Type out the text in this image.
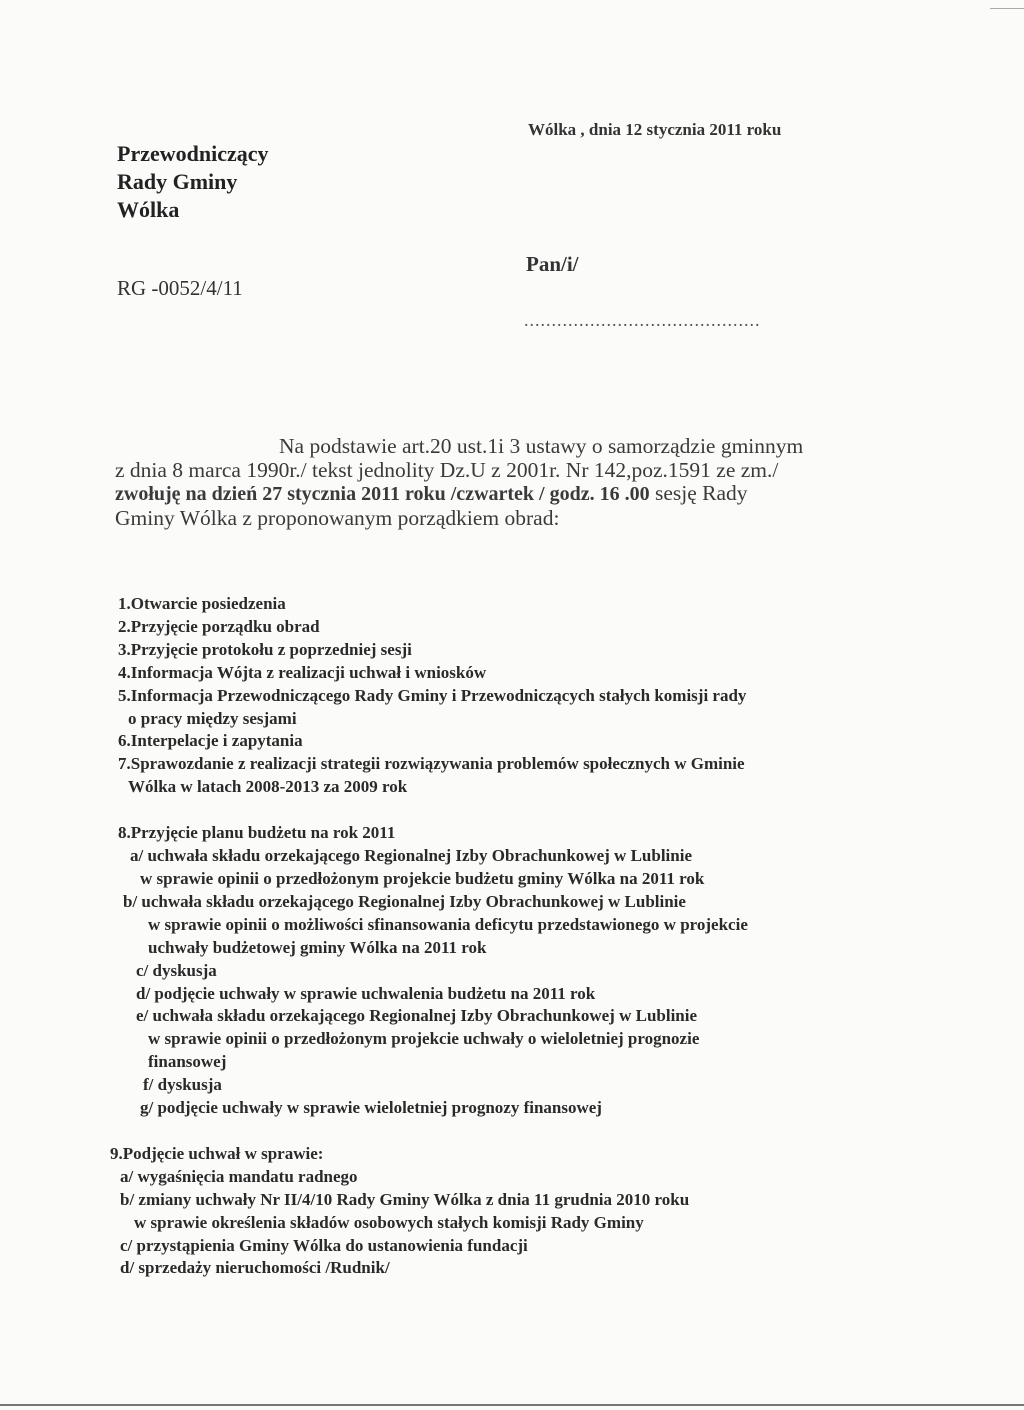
Przewodniczący
Rady Gminy
Wólka
Wólka , dnia 12 stycznia 2011 roku
Pan/i/
...........................................
RG -0052/4/11
Na podstawie art.20 ust.1i 3 ustawy o samorządzie gminnym
z dnia 8 marca 1990r./ tekst jednolity Dz.U z 2001r. Nr 142,poz.1591 ze zm./
zwołuję na dzień 27 stycznia 2011 roku /czwartek / godz. 16 .00 sesję Rady
Gminy Wólka z proponowanym porządkiem obrad:
1.Otwarcie posiedzenia
2.Przyjęcie porządku obrad
3.Przyjęcie protokołu z poprzedniej sesji
4.Informacja Wójta z realizacji uchwał i wniosków
5.Informacja Przewodniczącego Rady Gminy i Przewodniczących stałych komisji rady
o pracy między sesjami
6.Interpelacje i zapytania
7.Sprawozdanie z realizacji strategii rozwiązywania problemów społecznych w Gminie
Wólka w latach 2008-2013 za 2009 rok
8.Przyjęcie planu budżetu na rok 2011
a/ uchwała składu orzekającego Regionalnej Izby Obrachunkowej w Lublinie
w sprawie opinii o przedłożonym projekcie budżetu gminy Wólka na 2011 rok
b/ uchwała składu orzekającego Regionalnej Izby Obrachunkowej w Lublinie
w sprawie opinii o możliwości sfinansowania deficytu przedstawionego w projekcie
uchwały budżetowej gminy Wólka na 2011 rok
c/ dyskusja
d/ podjęcie uchwały w sprawie uchwalenia budżetu na 2011 rok
e/ uchwała składu orzekającego Regionalnej Izby Obrachunkowej w Lublinie
w sprawie opinii o przedłożonym projekcie uchwały o wieloletniej prognozie
finansowej
f/ dyskusja
g/ podjęcie uchwały w sprawie wieloletniej prognozy finansowej
9.Podjęcie uchwał w sprawie:
a/ wygaśnięcia mandatu radnego
b/ zmiany uchwały Nr II/4/10 Rady Gminy Wólka z dnia 11 grudnia 2010 roku
w sprawie określenia składów osobowych stałych komisji Rady Gminy
c/ przystąpienia Gminy Wólka do ustanowienia fundacji
d/ sprzedaży nieruchomości /Rudnik/
